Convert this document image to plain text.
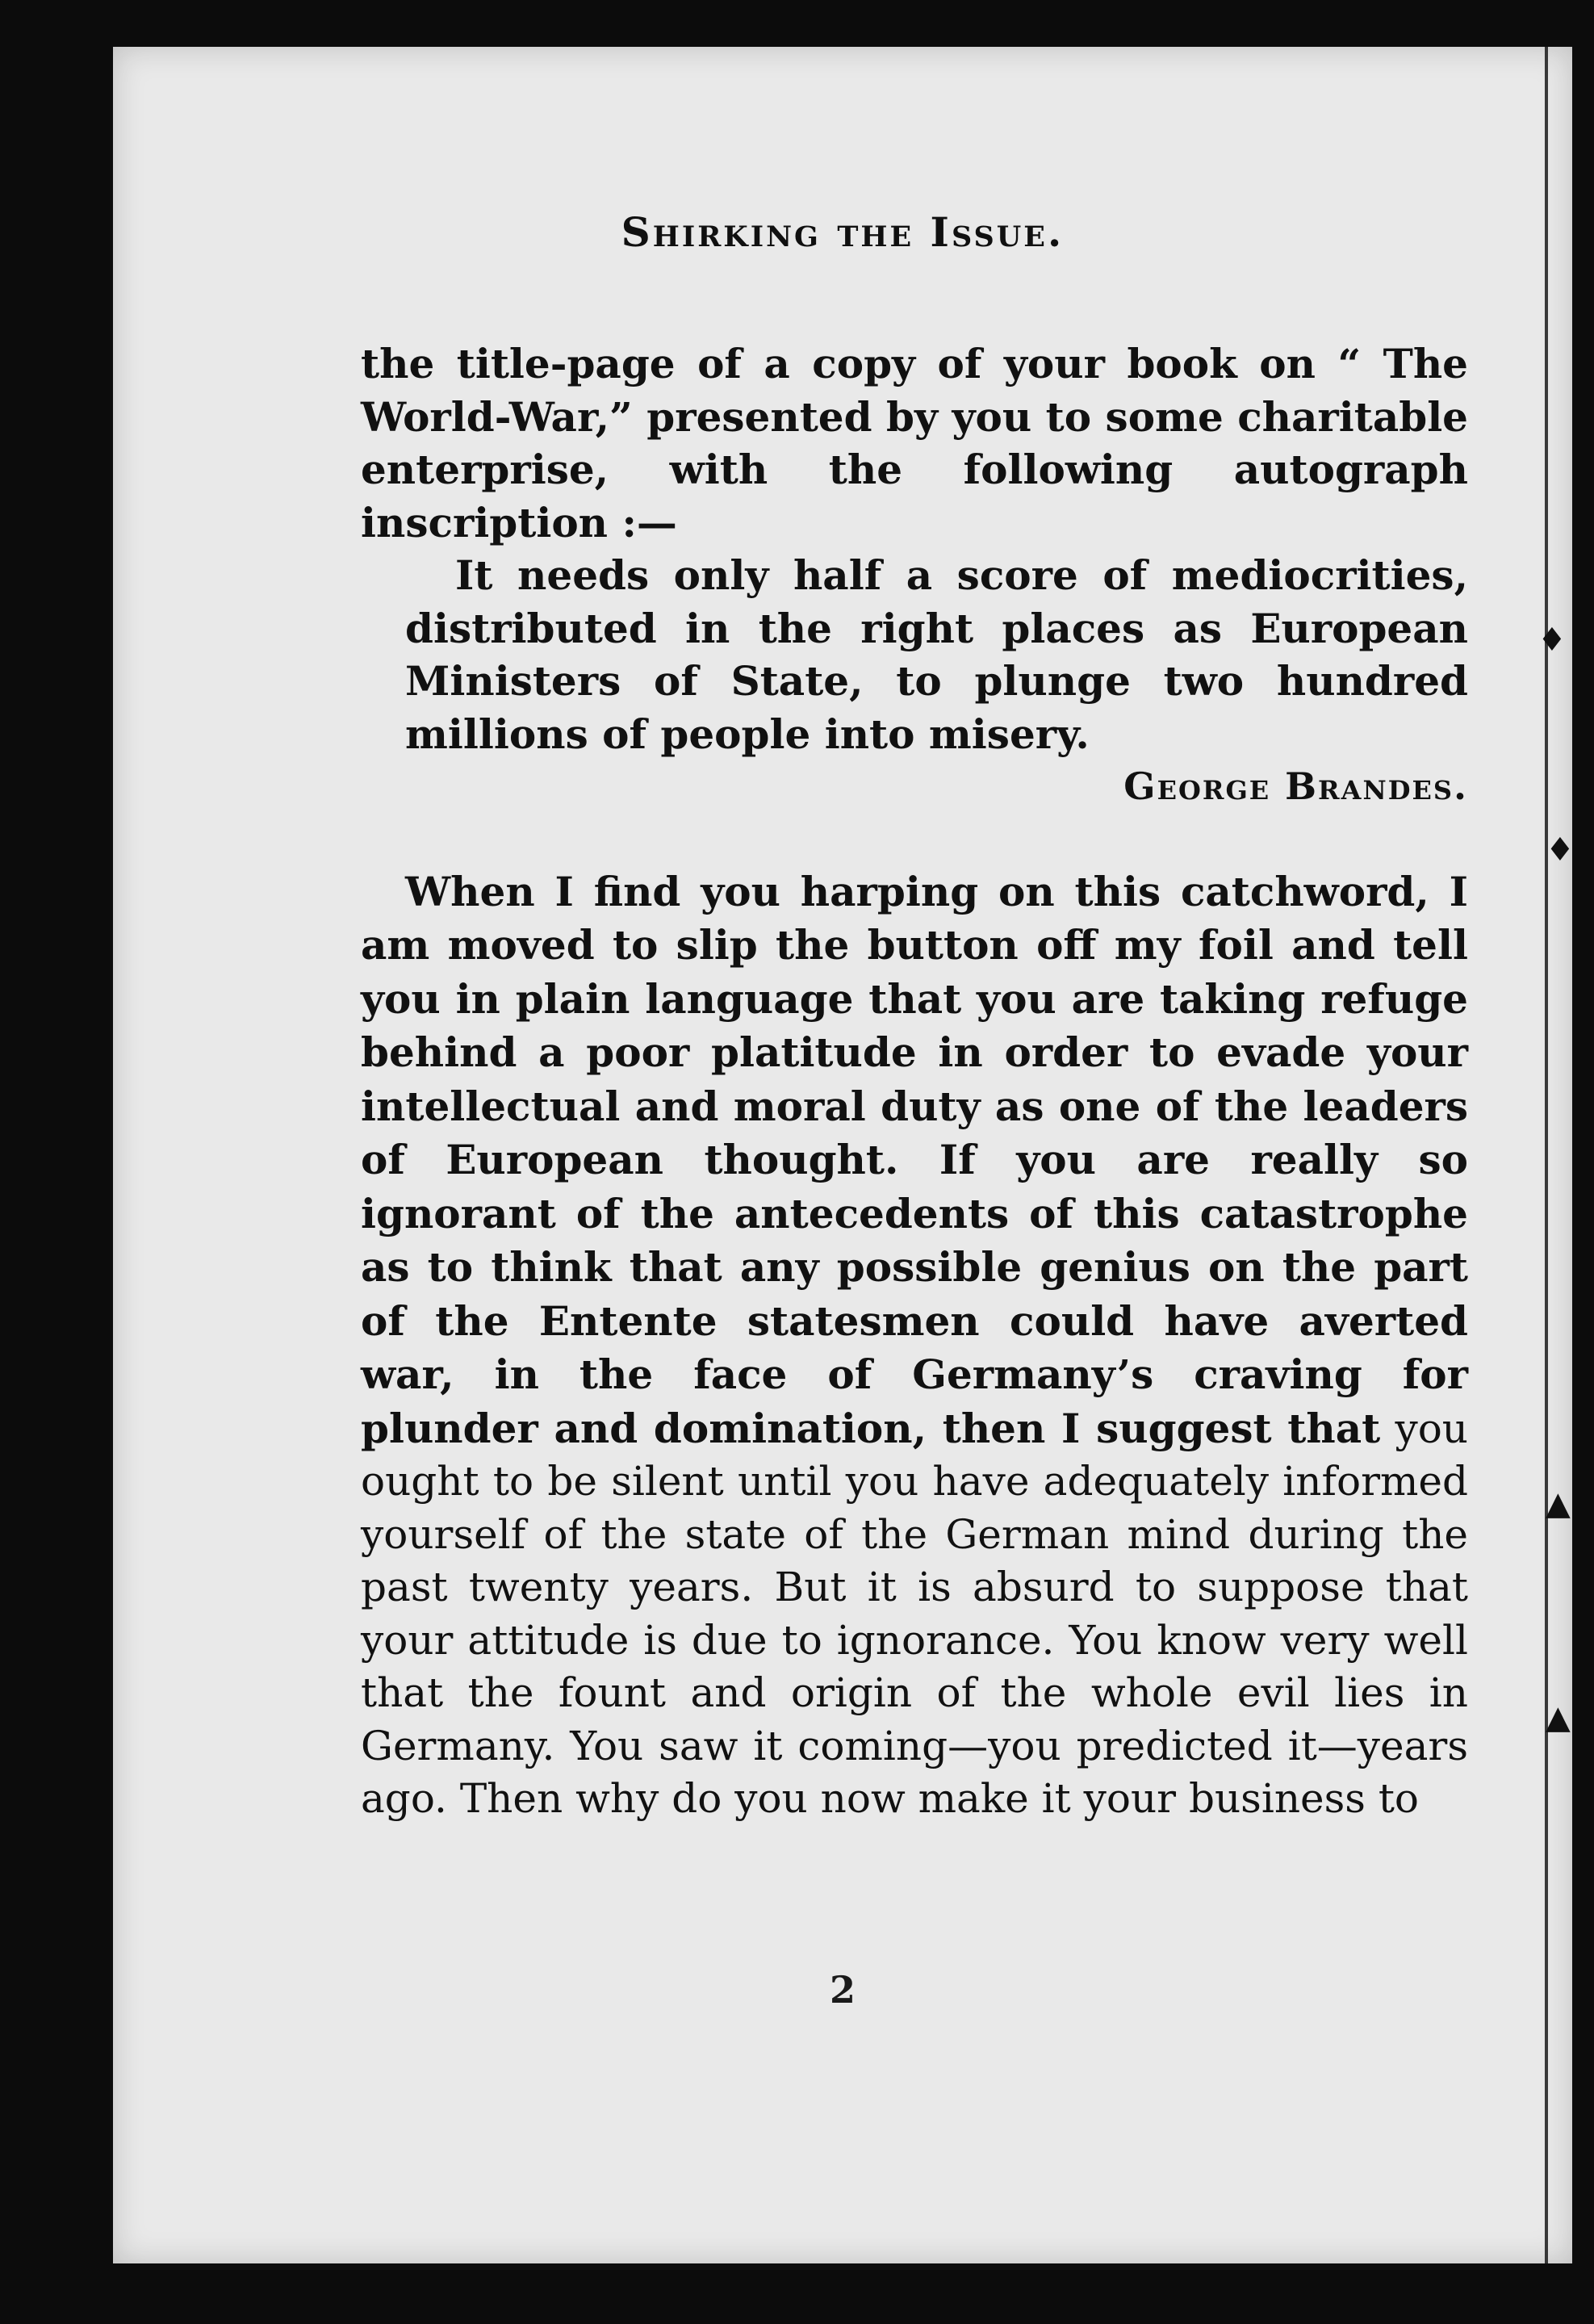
Shirking the Issue.

the title-page of a copy of your book on “ The World-War,” presented by you to some charitable enterprise, with the following autograph inscription :—

It needs only half a score of mediocrities, distributed in the right places as European Ministers of State, to plunge two hundred millions of people into misery.

George Brandes.

When I find you harping on this catchword, I am moved to slip the button off my foil and tell you in plain language that you are taking refuge behind a poor platitude in order to evade your intellectual and moral duty as one of the leaders of European thought. If you are really so ignorant of the antecedents of this catastrophe as to think that any possible genius on the part of the Entente statesmen could have averted war, in the face of Germany’s craving for plunder and domination, then I suggest that you ought to be silent until you have adequately informed yourself of the state of the German mind during the past twenty years. But it is absurd to suppose that your attitude is due to ignorance. You know very well that the fount and origin of the whole evil lies in Germany. You saw it coming—you predicted it—years ago. Then why do you now make it your business to

2
♦
♦
▲
▲
